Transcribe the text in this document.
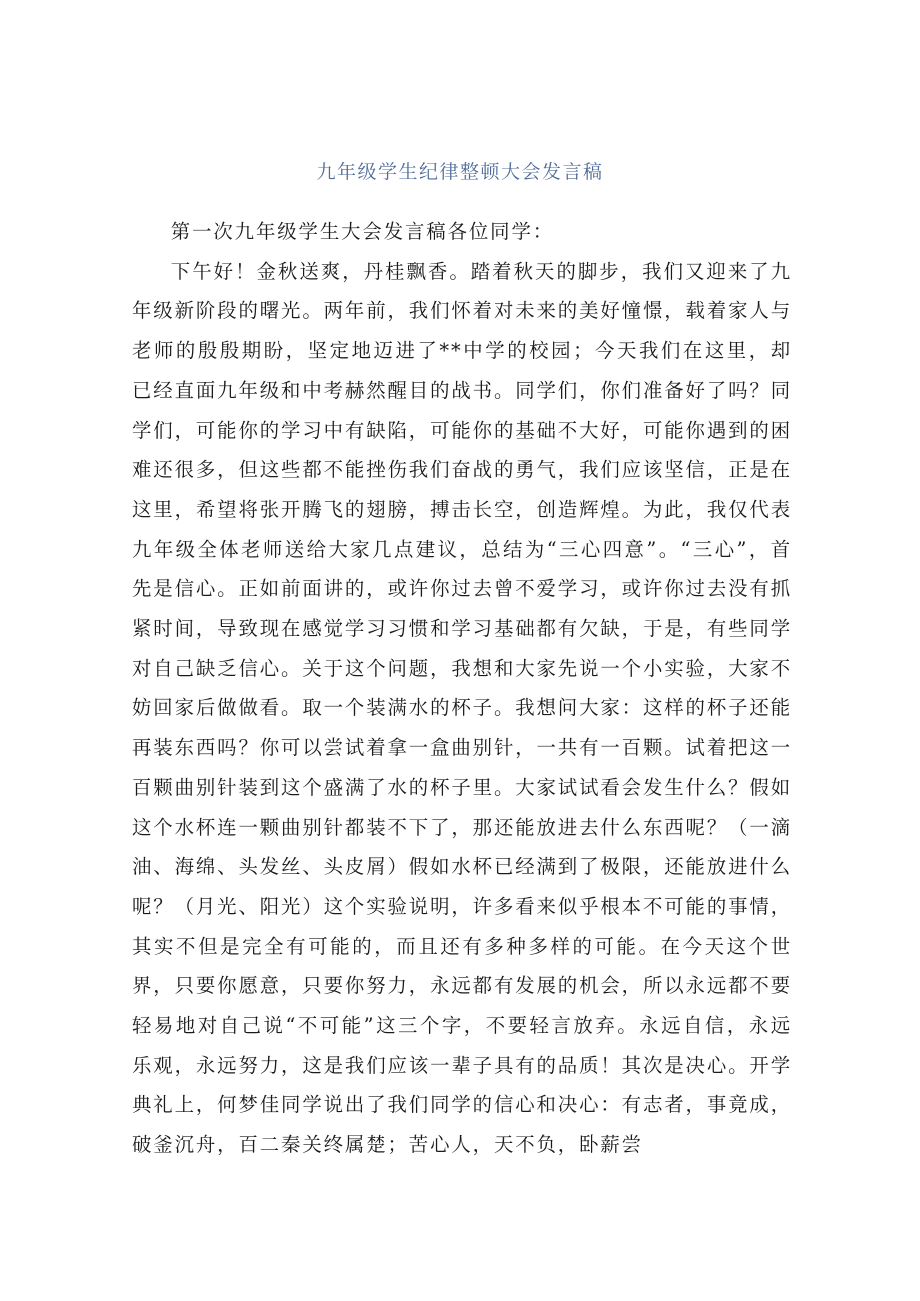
九年级学生纪律整顿大会发言稿

第一次九年级学生大会发言稿各位同学：

下午好！金秋送爽，丹桂飘香。踏着秋天的脚步，我们又迎来了九年级新阶段的曙光。两年前，我们怀着对未来的美好憧憬，载着家人与老师的殷殷期盼，坚定地迈进了**中学的校园；今天我们在这里，却已经直面九年级和中考赫然醒目的战书。同学们，你们准备好了吗？同学们，可能你的学习中有缺陷，可能你的基础不大好，可能你遇到的困难还很多，但这些都不能挫伤我们奋战的勇气，我们应该坚信，正是在这里，希望将张开腾飞的翅膀，搏击长空，创造辉煌。为此，我仅代表九年级全体老师送给大家几点建议，总结为“三心四意”。“三心”，首先是信心。正如前面讲的，或许你过去曾不爱学习，或许你过去没有抓紧时间，导致现在感觉学习习惯和学习基础都有欠缺，于是，有些同学对自己缺乏信心。关于这个问题，我想和大家先说一个小实验，大家不妨回家后做做看。取一个装满水的杯子。我想问大家：这样的杯子还能再装东西吗？你可以尝试着拿一盒曲别针，一共有一百颗。试着把这一百颗曲别针装到这个盛满了水的杯子里。大家试试看会发生什么？假如这个水杯连一颗曲别针都装不下了，那还能放进去什么东西呢？（一滴油、海绵、头发丝、头皮屑）假如水杯已经满到了极限，还能放进什么呢？（月光、阳光）这个实验说明，许多看来似乎根本不可能的事情，其实不但是完全有可能的，而且还有多种多样的可能。在今天这个世界，只要你愿意，只要你努力，永远都有发展的机会，所以永远都不要轻易地对自己说“不可能”这三个字，不要轻言放弃。永远自信，永远乐观，永远努力，这是我们应该一辈子具有的品质！其次是决心。开学典礼上，何梦佳同学说出了我们同学的信心和决心：有志者，事竟成，破釜沉舟，百二秦关终属楚；苦心人，天不负，卧薪尝
